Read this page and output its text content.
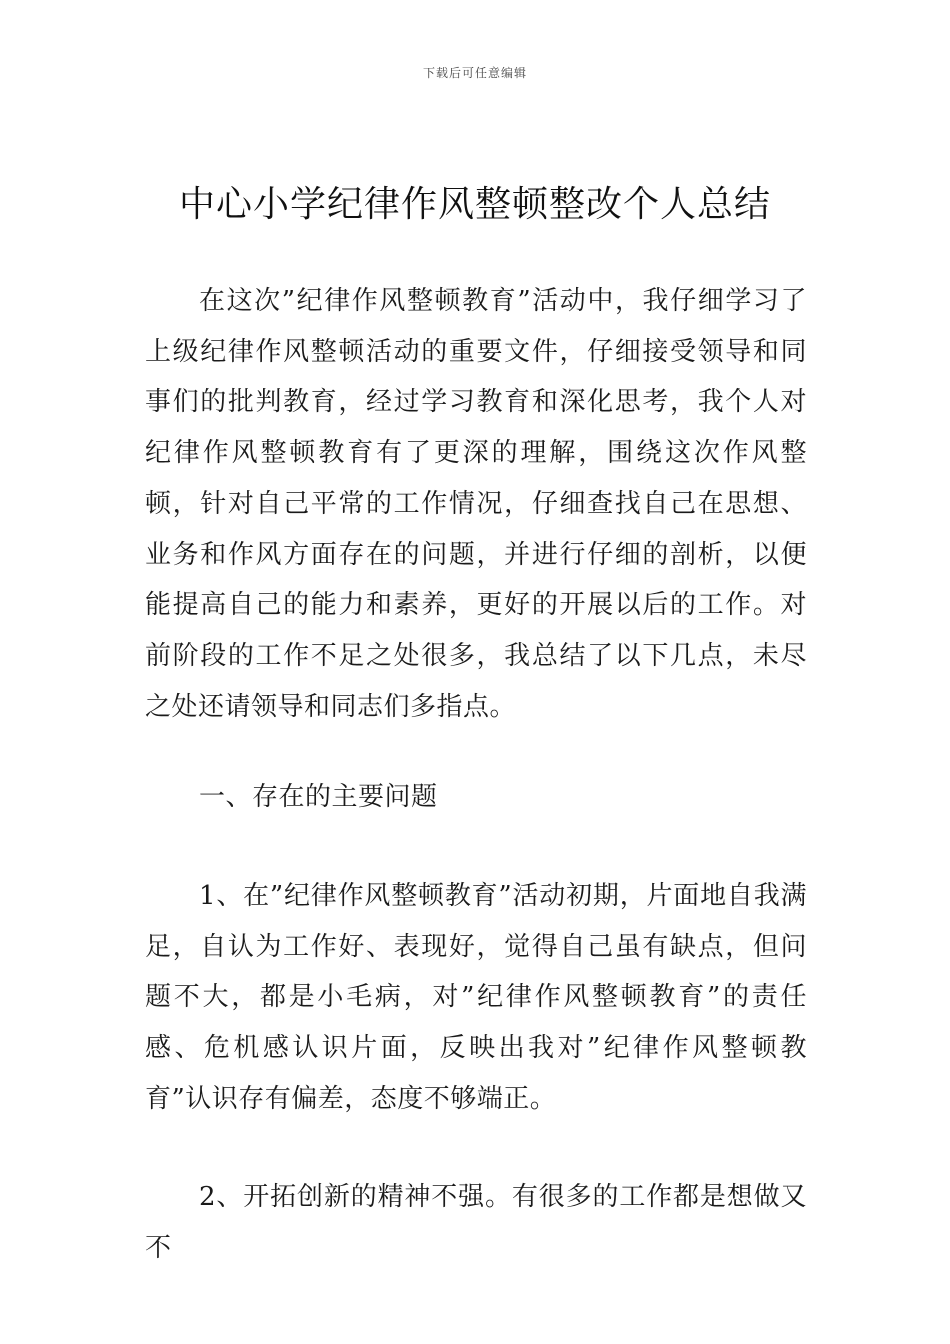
下载后可任意编辑
中心小学纪律作风整顿整改个人总结

在这次”纪律作风整顿教育”活动中，我仔细学习了上级纪律作风整顿活动的重要文件，仔细接受领导和同事们的批判教育，经过学习教育和深化思考，我个人对纪律作风整顿教育有了更深的理解，围绕这次作风整顿，针对自己平常的工作情况，仔细查找自己在思想、业务和作风方面存在的问题，并进行仔细的剖析，以便能提高自己的能力和素养，更好的开展以后的工作。对前阶段的工作不足之处很多，我总结了以下几点，未尽之处还请领导和同志们多指点。

一、存在的主要问题

1、在”纪律作风整顿教育”活动初期，片面地自我满足，自认为工作好、表现好，觉得自己虽有缺点，但问题不大，都是小毛病，对”纪律作风整顿教育”的责任感、危机感认识片面，反映出我对”纪律作风整顿教育”认识存有偏差，态度不够端正。

2、开拓创新的精神不强。有很多的工作都是想做又不
